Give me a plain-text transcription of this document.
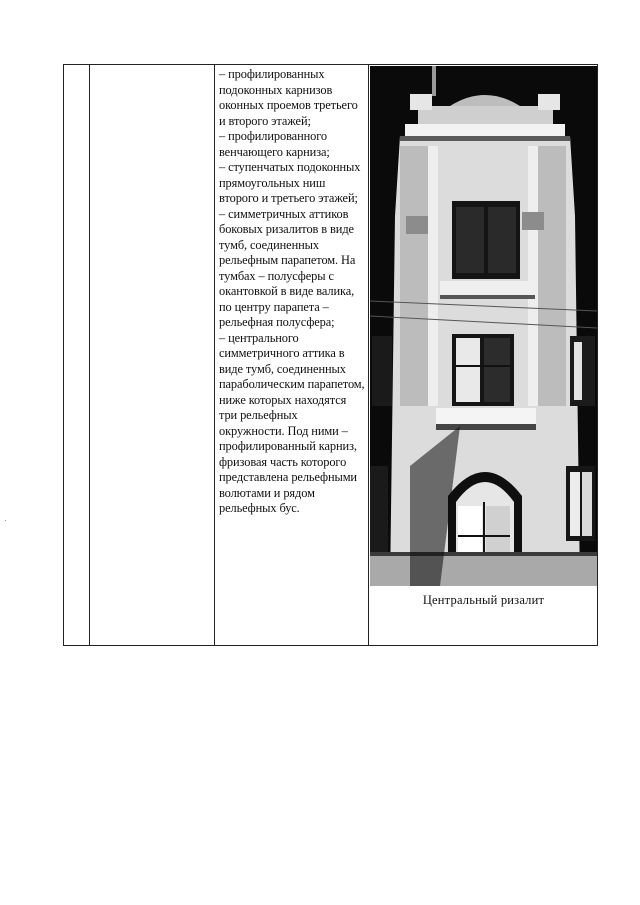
– профилированных подоконных карнизов оконных проемов третьего и второго этажей;

– профилированного венчающего карниза;

– ступенчатых подоконных прямоугольных ниш второго и третьего этажей;

– симметричных аттиков боковых ризалитов в виде тумб, соединенных рельефным парапетом. На тумбах – полусферы с окантовкой в виде валика, по центру парапета – рельефная полусфера;

– центрального симметричного аттика в виде тумб, соединенных параболическим парапетом, ниже которых находятся три рельефных окружности. Под ними – профилированный карниз, фризовая часть которого представлена рельефными волютами и рядом рельефных бус.

Центральный ризалит
